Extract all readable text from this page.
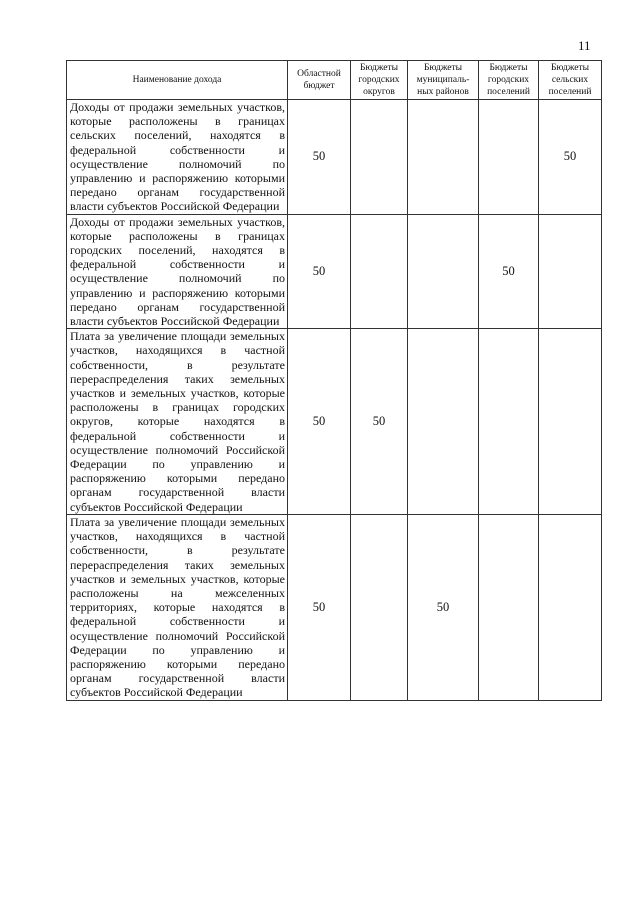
11
Наименование дохода	Областной бюджет	Бюджеты городских округов	Бюджеты муниципаль-ных районов	Бюджеты городских поселений	Бюджеты сельских поселений

Доходы от продажи земельных участков, которые расположены в границах сельских поселений, находятся в федеральной собственности и осуществление полномочий по управлению и распоряжению которыми передано органам государственной власти субъектов Российской Федерации	50				50
Доходы от продажи земельных участков, которые расположены в границах городских поселений, находятся в федеральной собственности и осуществление полномочий по управлению и распоряжению которыми передано органам государственной власти субъектов Российской Федерации	50			50	
Плата за увеличение площади земельных участков, находящихся в частной собственности, в результате перераспределения таких земельных участков и земельных участков, которые расположены в границах городских округов, которые находятся в федеральной собственности и осуществление полномочий Российской Федерации по управлению и распоряжению которыми передано органам государственной власти субъектов Российской Федерации	50	50			
Плата за увеличение площади земельных участков, находящихся в частной собственности, в результате перераспределения таких земельных участков и земельных участков, которые расположены на межселенных территориях, которые находятся в федеральной собственности и осуществление полномочий Российской Федерации по управлению и распоряжению которыми передано органам государственной власти субъектов Российской Федерации	50		50		
